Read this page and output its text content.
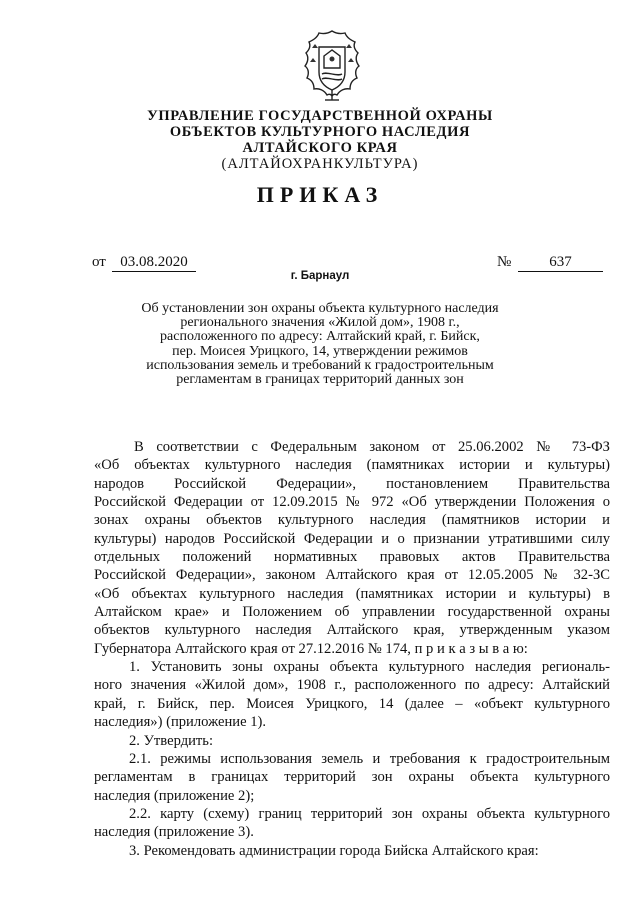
УПРАВЛЕНИЕ ГОСУДАРСТВЕННОЙ ОХРАНЫ
ОБЪЕКТОВ КУЛЬТУРНОГО НАСЛЕДИЯ
АЛТАЙСКОГО КРАЯ
(АЛТАЙОХРАНКУЛЬТУРА)
ПРИКАЗ
от 03.08.2020	№	637
г. Барнаул
Об установлении зон охраны объекта культурного наследия
регионального значения «Жилой дом», 1908 г.,
расположенного по адресу: Алтайский край, г. Бийск,
пер. Моисея Урицкого, 14, утверждении режимов
использования земель и требований к градостроительным
регламентам в границах территорий данных зон
В соответствии с Федеральным законом от 25.06.2002 № 73-ФЗ
«Об объектах культурного наследия (памятниках истории и культуры)
народов Российской Федерации», постановлением Правительства
Российской Федерации от 12.09.2015 № 972 «Об утверждении Положения о
зонах охраны объектов культурного наследия (памятников истории и
культуры) народов Российской Федерации и о признании утратившими силу
отдельных положений нормативных правовых актов Правительства
Российской Федерации», законом Алтайского края от 12.05.2005 № 32-ЗС
«Об объектах культурного наследия (памятниках истории и культуры) в
Алтайском крае» и Положением об управлении государственной охраны
объектов культурного наследия Алтайского края, утвержденным указом
Губернатора Алтайского края от 27.12.2016 № 174, п р и к а з ы в а ю:
1. Установить зоны охраны объекта культурного наследия региональ-
ного значения «Жилой дом», 1908 г., расположенного по адресу: Алтайский
край, г. Бийск, пер. Моисея Урицкого, 14 (далее – «объект культурного
наследия») (приложение 1).
2. Утвердить:
2.1. режимы использования земель и требования к градостроительным
регламентам в границах территорий зон охраны объекта культурного
наследия (приложение 2);
2.2. карту (схему) границ территорий зон охраны объекта культурного
наследия (приложение 3).
3. Рекомендовать администрации города Бийска Алтайского края:
